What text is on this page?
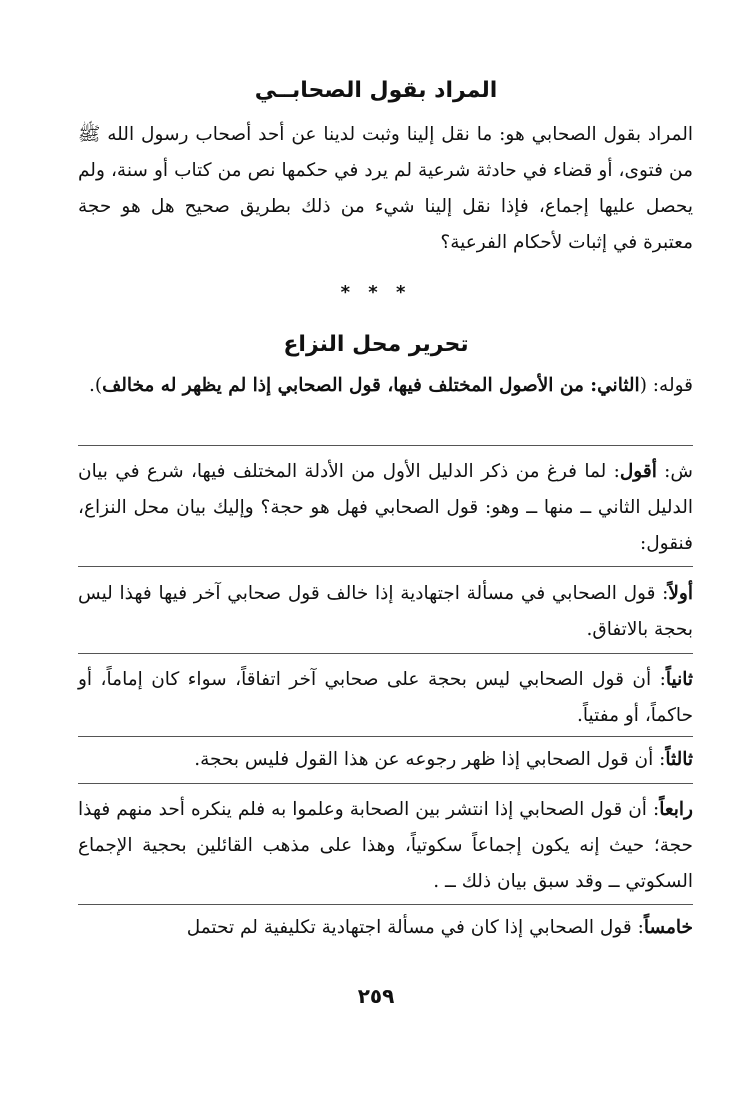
المراد بقول الصحابــي
المراد بقول الصحابي هو: ما نقل إلينا وثبت لدينا عن أحد أصحاب رسول الله ﷺ من فتوى، أو قضاء في حادثة شرعية لم يرد في حكمها نص من كتاب أو سنة، ولم يحصل عليها إجماع، فإذا نقل إلينا شيء من ذلك بطريق صحيح هل هو حجة معتبرة في إثبات لأحكام الفرعية؟
* * *
تحرير محل النزاع
قوله: (الثاني: من الأصول المختلف فيها، قول الصحابي إذا لم يظهر له مخالف).
ش: أقول: لما فرغ من ذكر الدليل الأول من الأدلة المختلف فيها، شرع في بيان الدليل الثاني ــ منها ــ وهو: قول الصحابي فهل هو حجة؟ وإليك بيان محل النزاع، فنقول:
أولاً: قول الصحابي في مسألة اجتهادية إذا خالف قول صحابي آخر فيها فهذا ليس بحجة بالاتفاق.
ثانياً: أن قول الصحابي ليس بحجة على صحابي آخر اتفاقاً، سواء كان إماماً، أو حاكماً، أو مفتياً.
ثالثاً: أن قول الصحابي إذا ظهر رجوعه عن هذا القول فليس بحجة.
رابعاً: أن قول الصحابي إذا انتشر بين الصحابة وعلموا به فلم ينكره أحد منهم فهذا حجة؛ حيث إنه يكون إجماعاً سكوتياً، وهذا على مذهب القائلين بحجية الإجماع السكوتي ــ وقد سبق بيان ذلك ــ .
خامساً: قول الصحابي إذا كان في مسألة اجتهادية تكليفية لم تحتمل
٢٥٩
